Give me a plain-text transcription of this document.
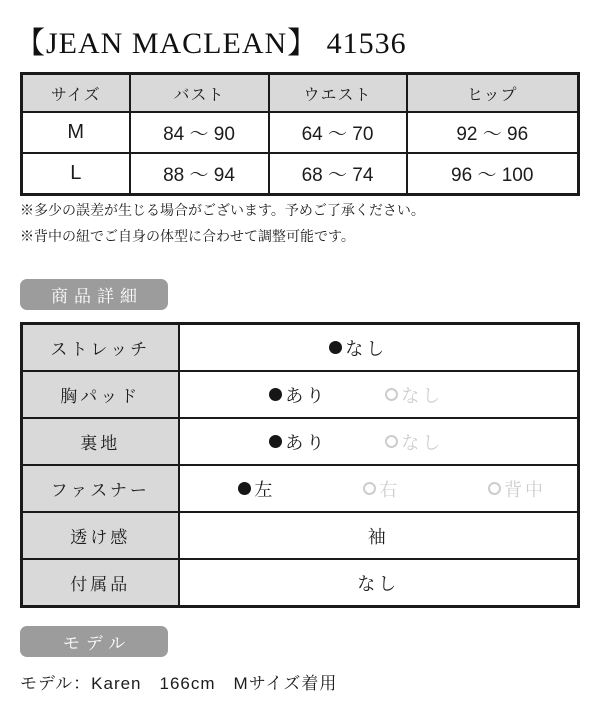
【JEAN MACLEAN】 41536
サイズ	バスト	ウエスト	ヒップ
M	84 ～ 90	64 ～ 70	92 ～ 96
L	88 ～ 94	68 ～ 74	96 ～ 100
※多少の誤差が生じる場合がございます。予めご了承ください。
※背中の紐でご自身の体型に合わせて調整可能です。
商品詳細
ストレッチ	なし

胸パッド	あり なし

裏地	あり なし

ファスナー	左 右 背中

透け感	袖
付属品	なし
モデル
モデル：Karen　166cm　Mサイズ着用
